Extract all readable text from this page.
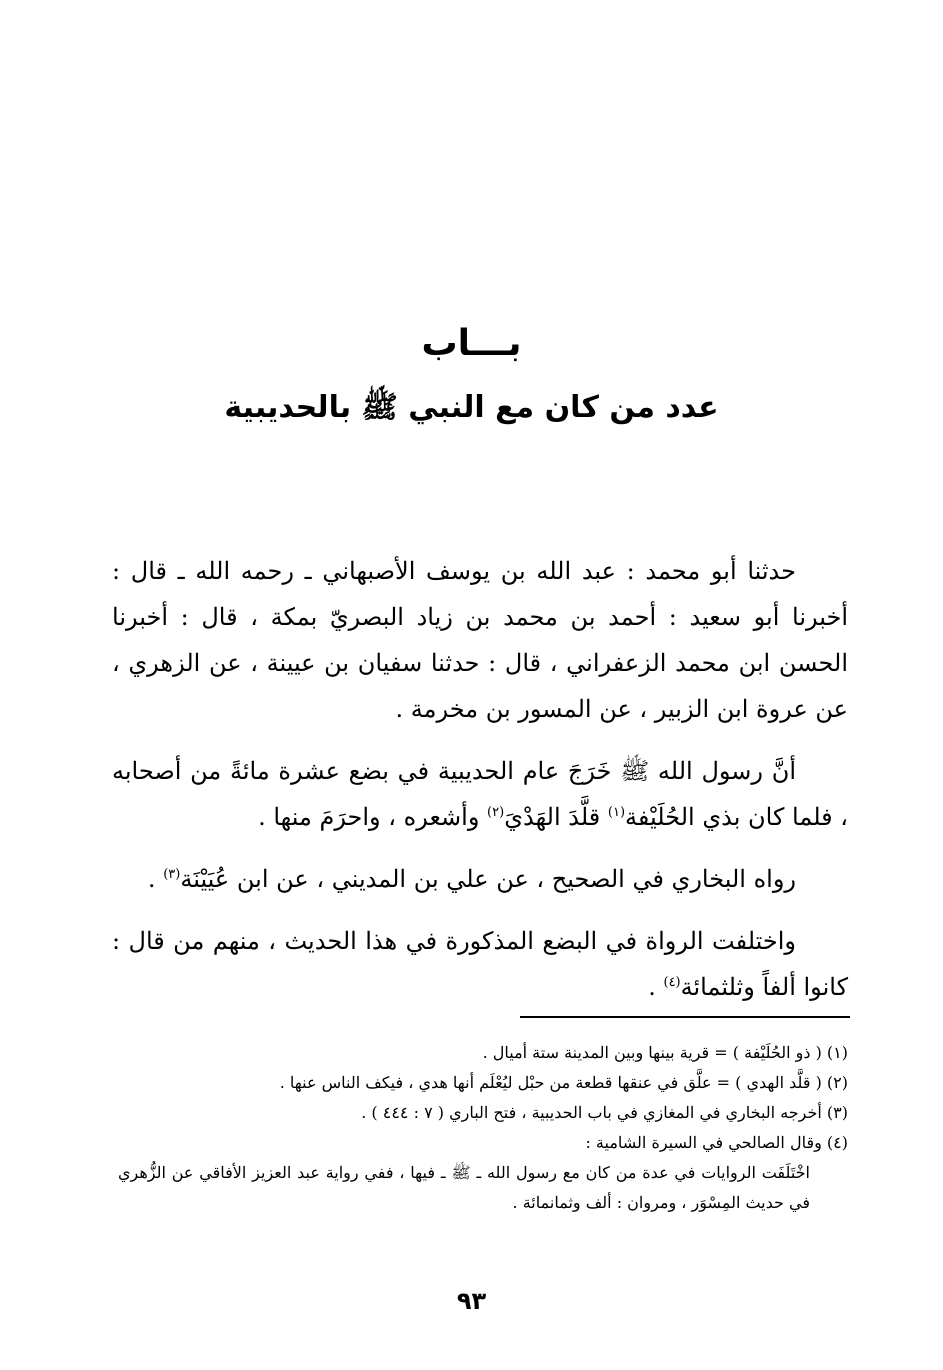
بـــاب
عدد من كان مع النبي ﷺ بالحديبية

حدثنا أبو محمد : عبد الله بن يوسف الأصبهاني ـ رحمه الله ـ قال : أخبرنا أبو سعيد : أحمد بن محمد بن زياد البصريّ بمكة ، قال : أخبرنا الحسن ابن محمد الزعفراني ، قال : حدثنا سفيان بن عيينة ، عن الزهري ، عن عروة ابن الزبير ، عن المسور بن مخرمة .

أنَّ رسول الله ﷺ خَرَجَ عام الحديبية في بضع عشرة مائةً من أصحابه ، فلما كان بذي الحُلَيْفة$^{(١)}$ قلَّدَ الهَدْيَ$^{(٢)}$ وأشعره ، واحرَمَ منها .

رواه البخاري في الصحيح ، عن علي بن المديني ، عن ابن عُيَيْنَة$^{(٣)}$ .

واختلفت الرواة في البضع المذكورة في هذا الحديث ، منهم من قال : كانوا ألفاً وثلثمائة$^{(٤)}$ .

(١) ( ذو الحُلَيْفة ) = قرية بينها وبين المدينة ستة أميال .

(٢) ( قلَّد الهدي ) = علَّق في عنقها قطعة من حبْل ليُعْلَم أنها هدي ، فيكف الناس عنها .

(٣) أخرجه البخاري في المغازي في باب الحديبية ، فتح الباري ( ٧ : ٤٤٤ ) .

(٤) وقال الصالحي في السيرة الشامية :

اخْتَلَفَت الروايات في عدة من كان مع رسول الله ـ ﷺ ـ فيها ، ففي رواية عبد العزيز الأفاقي عن الزُّهري في حديث المِسْوَر ، ومروان : ألف وثمانمائة .

٩٣
